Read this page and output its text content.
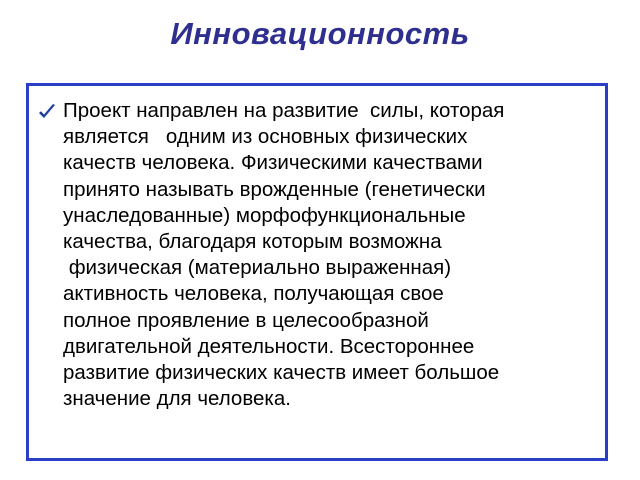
Инновационность
Проект направлен на развитие  силы, которая
является   одним из основных физических
качеств человека. Физическими качествами
принято называть врожденные (генетически
унаследованные) морфофункциональные
качества, благодаря которым возможна
физическая (материально выраженная)
активность человека, получающая свое
полное проявление в целесообразной
двигательной деятельности. Всестороннее
развитие физических качеств имеет большое
значение для человека.
